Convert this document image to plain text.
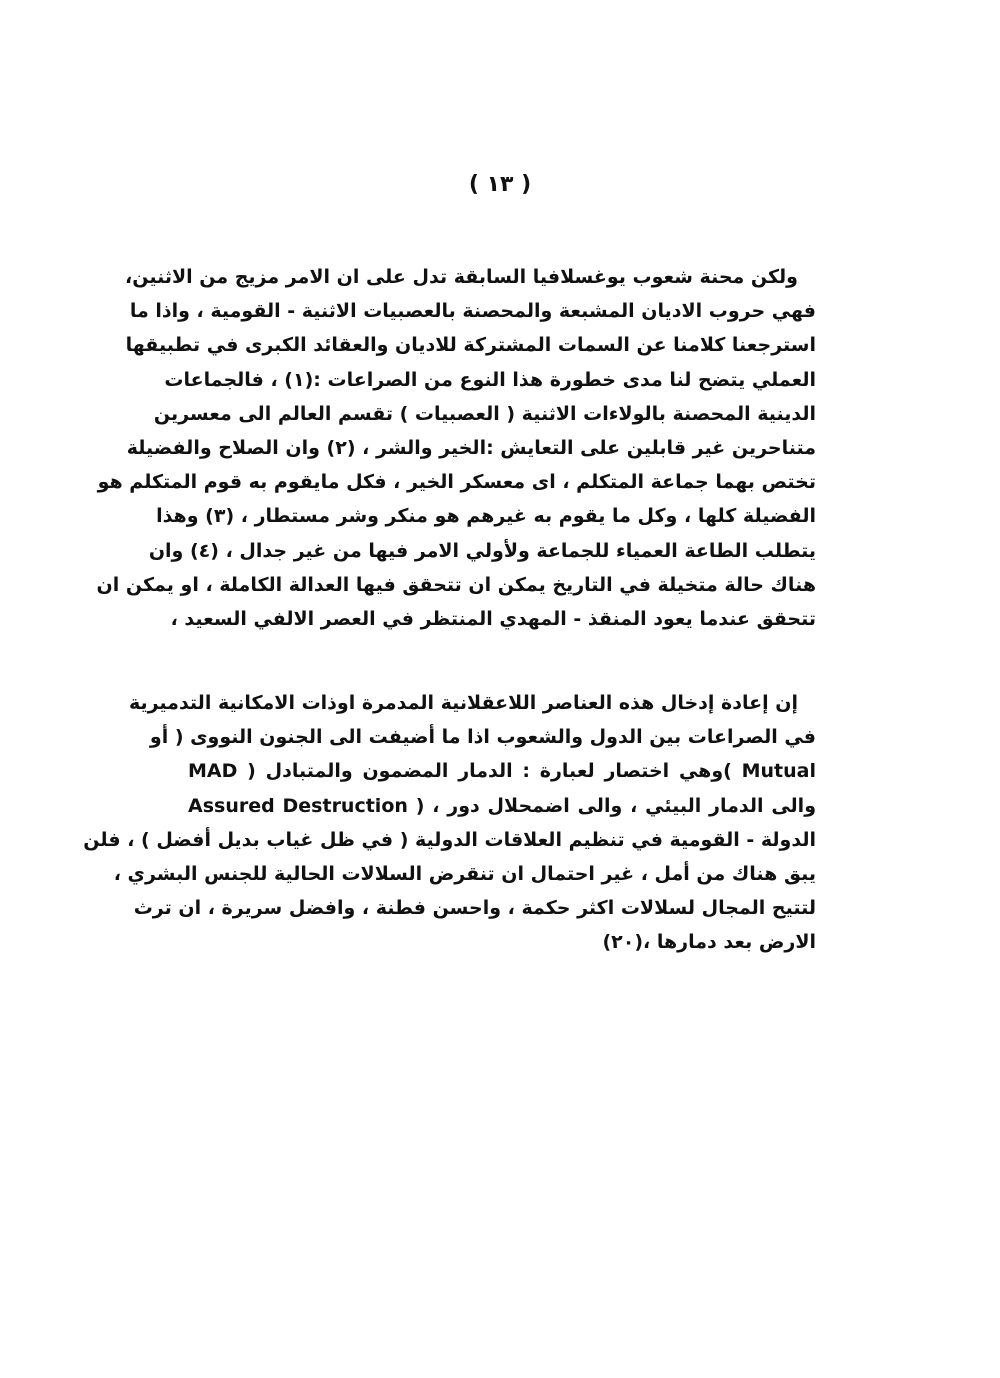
( ١٣ )
ولكن محنة شعوب يوغسلافيا السابقة تدل على ان الامر مزيج من الاثنين،
فهي حروب الاديان المشبعة والمحصنة بالعصبيات الاثنية - القومية ، واذا ما
استرجعنا كلامنا عن السمات المشتركة للاديان والعقائد الكبرى في تطبيقها
العملي يتضح لنا مدى خطورة هذا النوع من الصراعات :(١) ، فالجماعات
الدينية المحصنة بالولاءات الاثنية ( العصبيات ) تقسم العالم الى معسرين
متناحرين غير قابلين على التعايش :الخير والشر ، (٢) وان الصلاح والفضيلة
تختص بهما جماعة المتكلم ، اى معسكر الخير ، فكل مايقوم به قوم المتكلم هو
الفضيلة كلها ، وكل ما يقوم به غيرهم هو منكر وشر مستطار ، (٣) وهذا
يتطلب الطاعة العمياء للجماعة ولأولي الامر فيها من غير جدال ، (٤) وان
هناك حالة متخيلة في التاريخ يمكن ان تتحقق فيها العدالة الكاملة ، او يمكن ان
تتحقق عندما يعود المنقذ - المهدي المنتظر في العصر الالفي السعيد ،
إن إعادة إدخال هذه العناصر اللاعقلانية المدمرة اوذات الامكانية التدميرية
في الصراعات بين الدول والشعوب اذا ما أضيفت الى الجنون النووى ( أو
MAD ) وهي اختصار لعبارة : الدمار المضمون والمتبادل( Mutual
Assured Destruction ) ، والى الدمار البيئي ، والى اضمحلال دور
الدولة - القومية في تنظيم العلاقات الدولية ( في ظل غياب بديل أفضل ) ، فلن
يبق هناك من أمل ، غير احتمال ان تنقرض السلالات الحالية للجنس البشري ،
لتتيح المجال لسلالات اكثر حكمة ، واحسن فطنة ، وافضل سريرة ، ان ترث
الارض بعد دمارها ،(٢٠)
